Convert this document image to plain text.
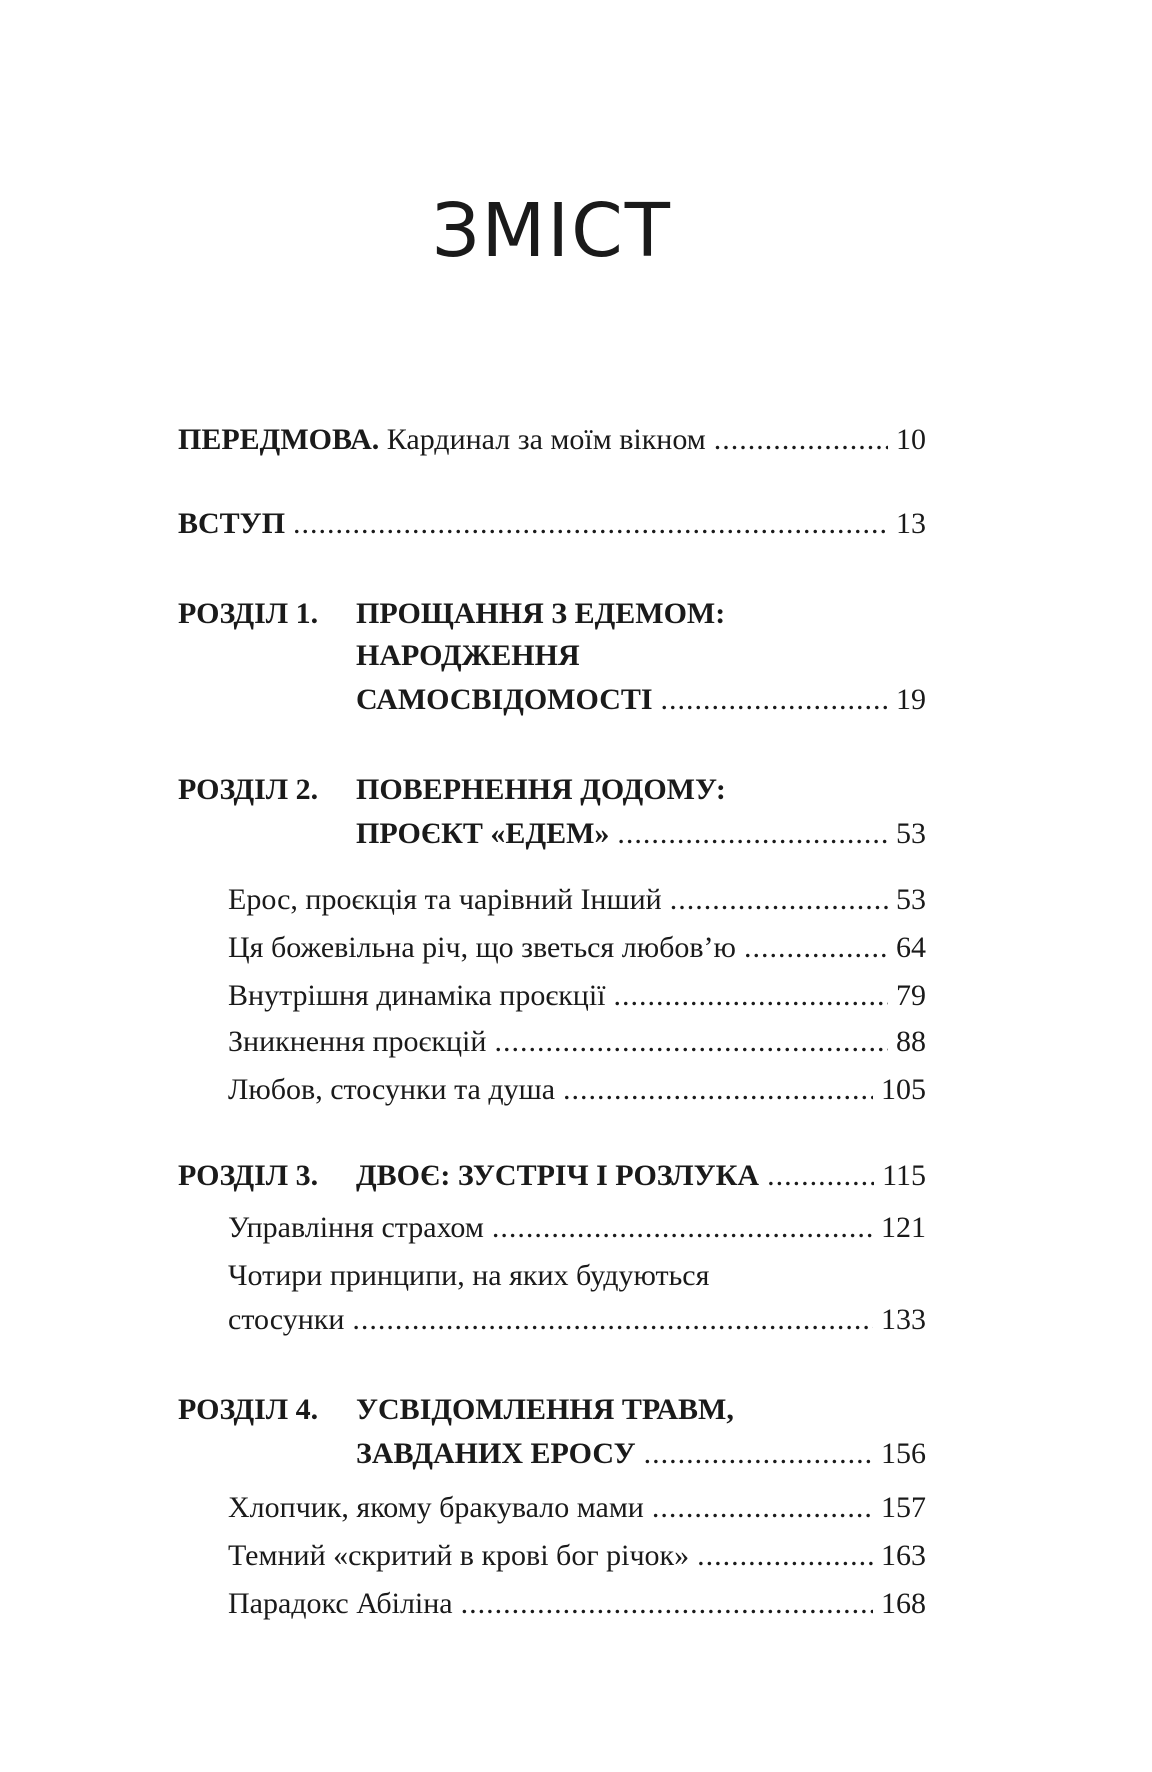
ЗМІСТ
ПЕРЕДМОВА. Кардинал за моїм вікном .....	10
ВСТУП .....	13
РОЗДІЛ 1. ПРОЩАННЯ З ЕДЕМОМ:
НАРОДЖЕННЯ
САМОСВІДОМОСТІ .....	19
РОЗДІЛ 2. ПОВЕРНЕННЯ ДОДОМУ:
ПРОЄКТ «ЕДЕМ» .....	53
Ерос, проєкція та чарівний Інший .....	53
Ця божевільна річ, що зветься любов’ю .....	64
Внутрішня динаміка проєкції .....	79
Зникнення проєкцій .....	88
Любов, стосунки та душа .....	105
РОЗДІЛ 3. ДВОЄ: ЗУСТРІЧ І РОЗЛУКА .....	115
Управління страхом .....	121
Чотири принципи, на яких будуються
стосунки .....	133
РОЗДІЛ 4. УСВІДОМЛЕННЯ ТРАВМ,
ЗАВДАНИХ ЕРОСУ .....	156
Хлопчик, якому бракувало мами .....	157
Темний «скритий в крові бог річок» .....	163
Парадокс Абіліна .....	168
